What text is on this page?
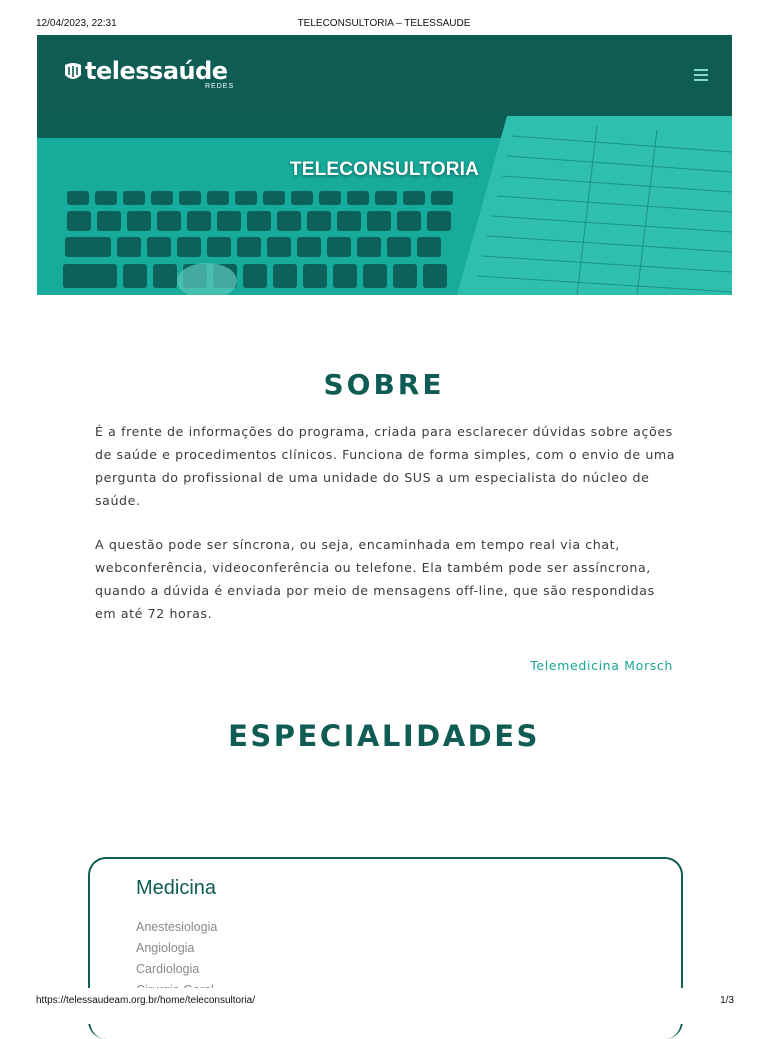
12/04/2023, 22:31	TELECONSULTORIA – TELESSAUDE
telessaúde
REDES
TELECONSULTORIA
SOBRE

É a frente de informações do programa, criada para esclarecer dúvidas sobre ações de saúde e procedimentos clínicos. Funciona de forma simples, com o envio de uma pergunta do profissional de uma unidade do SUS a um especialista do núcleo de saúde.

A questão pode ser síncrona, ou seja, encaminhada em tempo real via chat, webconferência, videoconferência ou telefone. Ela também pode ser assíncrona, quando a dúvida é enviada por meio de mensagens off-line, que são respondidas em até 72 horas.

Telemedicina Morsch
ESPECIALIDADES
Medicina
Anestesiologia
Angiologia
Cardiologia
https://telessaudeam.org.br/home/teleconsultoria/	1/3
